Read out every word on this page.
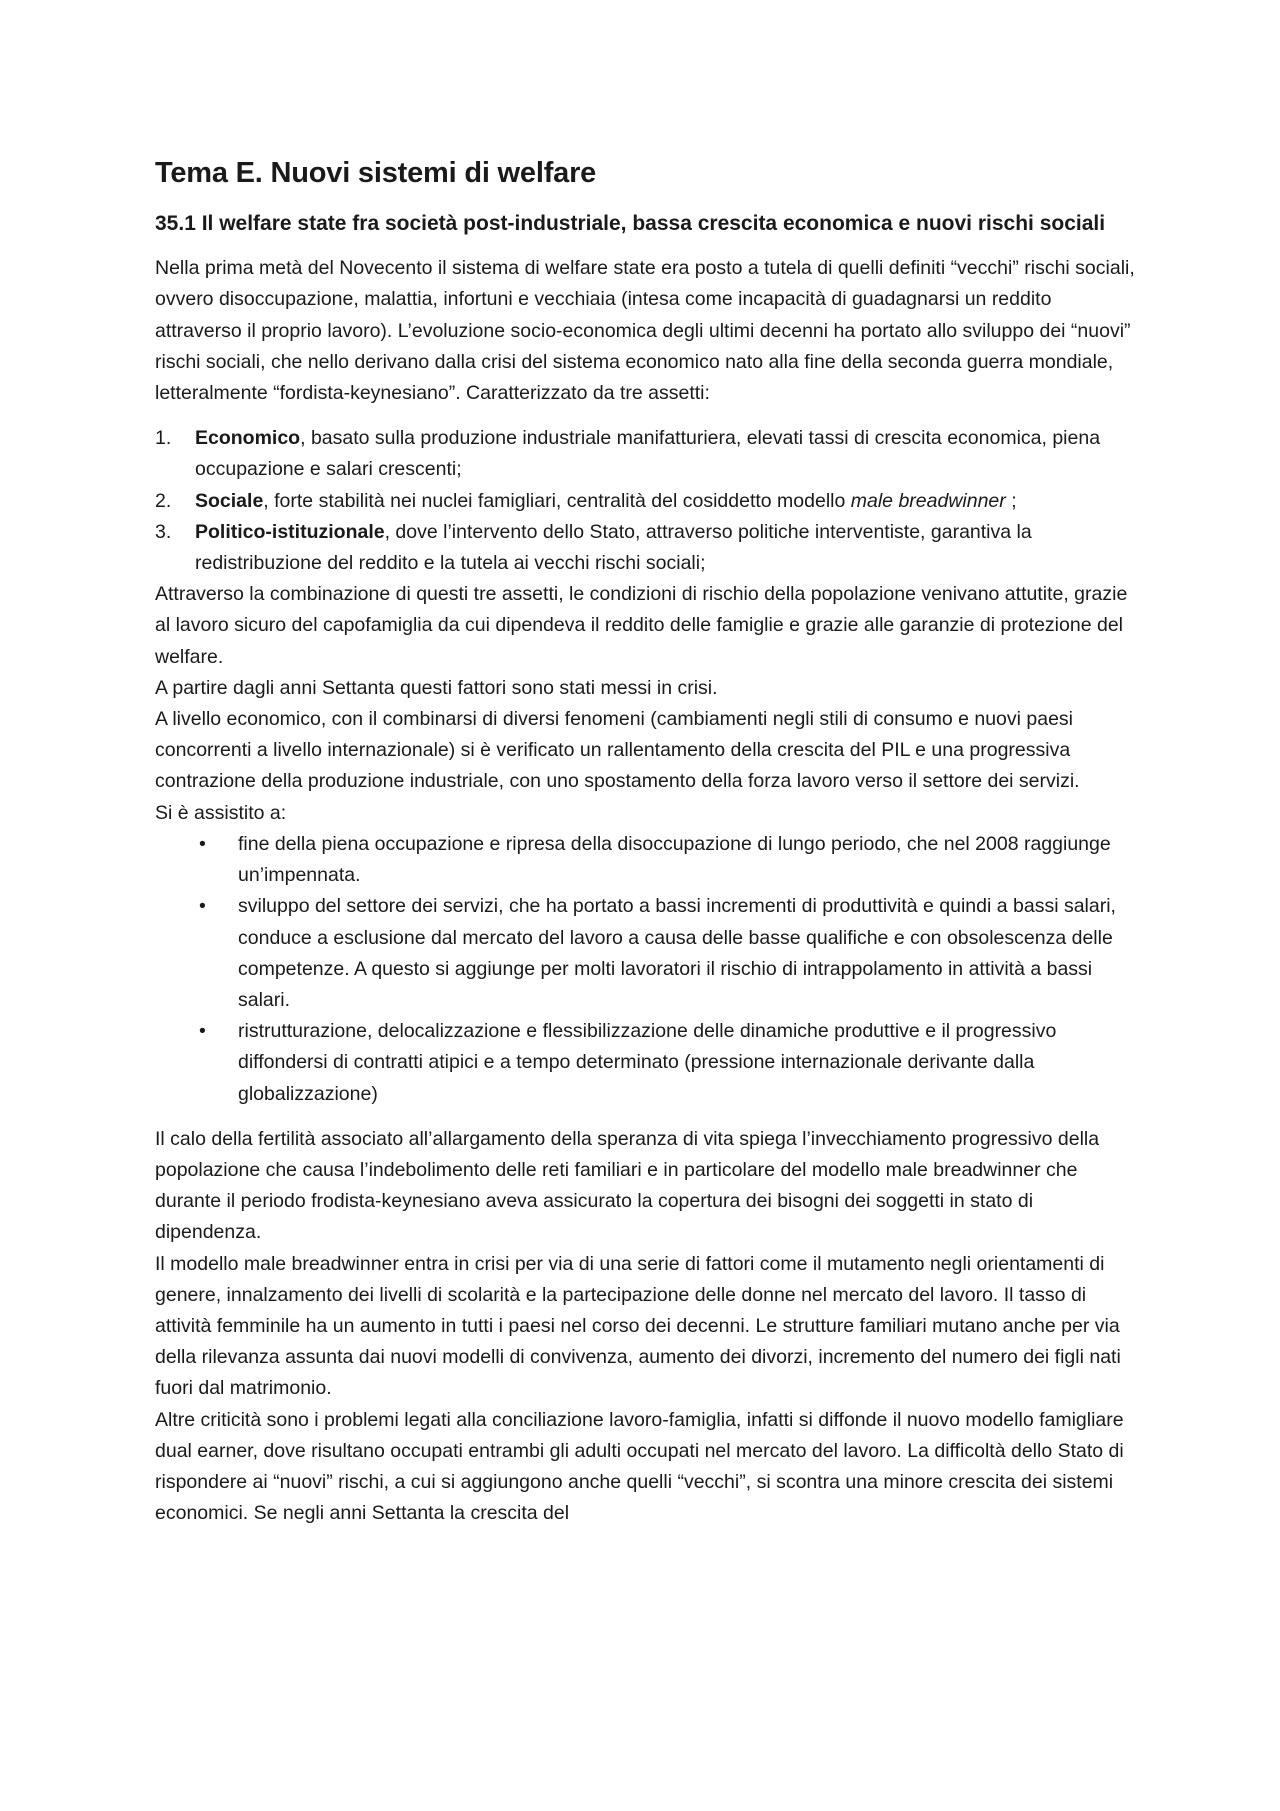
Tema E. Nuovi sistemi di welfare
35.1 Il welfare state fra società post-industriale, bassa crescita economica e nuovi rischi sociali

Nella prima metà del Novecento il sistema di welfare state era posto a tutela di quelli definiti “vecchi” rischi sociali, ovvero disoccupazione, malattia, infortuni e vecchiaia (intesa come incapacità di guadagnarsi un reddito attraverso il proprio lavoro). L’evoluzione socio-economica degli ultimi decenni ha portato allo sviluppo dei “nuovi” rischi sociali, che nello derivano dalla crisi del sistema economico nato alla fine della seconda guerra mondiale, letteralmente “fordista-keynesiano”. Caratterizzato da tre assetti:

1. Economico, basato sulla produzione industriale manifatturiera, elevati tassi di crescita economica, piena occupazione e salari crescenti;
2. Sociale, forte stabilità nei nuclei famigliari, centralità del cosiddetto modello male breadwinner ;
3. Politico-istituzionale, dove l’intervento dello Stato, attraverso politiche interventiste, garantiva la redistribuzione del reddito e la tutela ai vecchi rischi sociali;

Attraverso la combinazione di questi tre assetti, le condizioni di rischio della popolazione venivano attutite, grazie al lavoro sicuro del capofamiglia da cui dipendeva il reddito delle famiglie e grazie alle garanzie di protezione del welfare.

A partire dagli anni Settanta questi fattori sono stati messi in crisi.

A livello economico, con il combinarsi di diversi fenomeni (cambiamenti negli stili di consumo e nuovi paesi concorrenti a livello internazionale) si è verificato un rallentamento della crescita del PIL e una progressiva contrazione della produzione industriale, con uno spostamento della forza lavoro verso il settore dei servizi.

Si è assistito a:

• fine della piena occupazione e ripresa della disoccupazione di lungo periodo, che nel 2008 raggiunge un’impennata.
• sviluppo del settore dei servizi, che ha portato a bassi incrementi di produttività e quindi a bassi salari, conduce a esclusione dal mercato del lavoro a causa delle basse qualifiche e con obsolescenza delle competenze. A questo si aggiunge per molti lavoratori il rischio di intrappolamento in attività a bassi salari.
• ristrutturazione, delocalizzazione e flessibilizzazione delle dinamiche produttive e il progressivo diffondersi di contratti atipici e a tempo determinato (pressione internazionale derivante dalla globalizzazione)

Il calo della fertilità associato all’allargamento della speranza di vita spiega l’invecchiamento progressivo della popolazione che causa l’indebolimento delle reti familiari e in particolare del modello male breadwinner che durante il periodo frodista-keynesiano aveva assicurato la copertura dei bisogni dei soggetti in stato di dipendenza.

Il modello male breadwinner entra in crisi per via di una serie di fattori come il mutamento negli orientamenti di genere, innalzamento dei livelli di scolarità e la partecipazione delle donne nel mercato del lavoro. Il tasso di attività femminile ha un aumento in tutti i paesi nel corso dei decenni. Le strutture familiari mutano anche per via della rilevanza assunta dai nuovi modelli di convivenza, aumento dei divorzi, incremento del numero dei figli nati fuori dal matrimonio.

Altre criticità sono i problemi legati alla conciliazione lavoro-famiglia, infatti si diffonde il nuovo modello famigliare dual earner, dove risultano occupati entrambi gli adulti occupati nel mercato del lavoro. La difficoltà dello Stato di rispondere ai “nuovi” rischi, a cui si aggiungono anche quelli “vecchi”, si scontra una minore crescita dei sistemi economici. Se negli anni Settanta la crescita del
